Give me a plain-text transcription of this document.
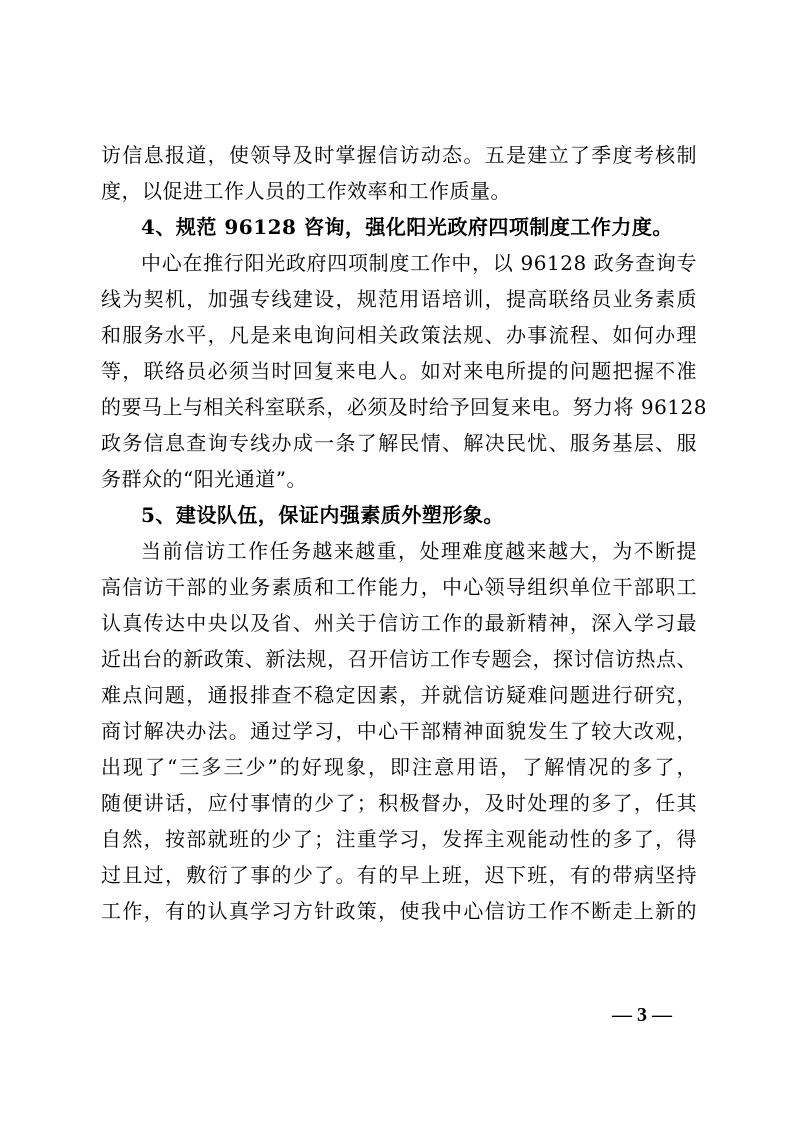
访信息报道，使领导及时掌握信访动态。五是建立了季度考核制
度，以促进工作人员的工作效率和工作质量。
4、规范 96128 咨询，强化阳光政府四项制度工作力度。
中心在推行阳光政府四项制度工作中，以 96128 政务查询专
线为契机，加强专线建设，规范用语培训，提高联络员业务素质
和服务水平，凡是来电询问相关政策法规、办事流程、如何办理
等，联络员必须当时回复来电人。如对来电所提的问题把握不准
的要马上与相关科室联系，必须及时给予回复来电。努力将 96128
政务信息查询专线办成一条了解民情、解决民忧、服务基层、服
务群众的“阳光通道”。
5、建设队伍，保证内强素质外塑形象。
当前信访工作任务越来越重，处理难度越来越大，为不断提
高信访干部的业务素质和工作能力，中心领导组织单位干部职工
认真传达中央以及省、州关于信访工作的最新精神，深入学习最
近出台的新政策、新法规，召开信访工作专题会，探讨信访热点、
难点问题，通报排查不稳定因素，并就信访疑难问题进行研究，
商讨解决办法。通过学习，中心干部精神面貌发生了较大改观，
出现了“三多三少”的好现象，即注意用语，了解情况的多了，
随便讲话，应付事情的少了；积极督办，及时处理的多了，任其
自然，按部就班的少了；注重学习，发挥主观能动性的多了，得
过且过，敷衍了事的少了。有的早上班，迟下班，有的带病坚持
工作，有的认真学习方针政策，使我中心信访工作不断走上新的
— 3 —
